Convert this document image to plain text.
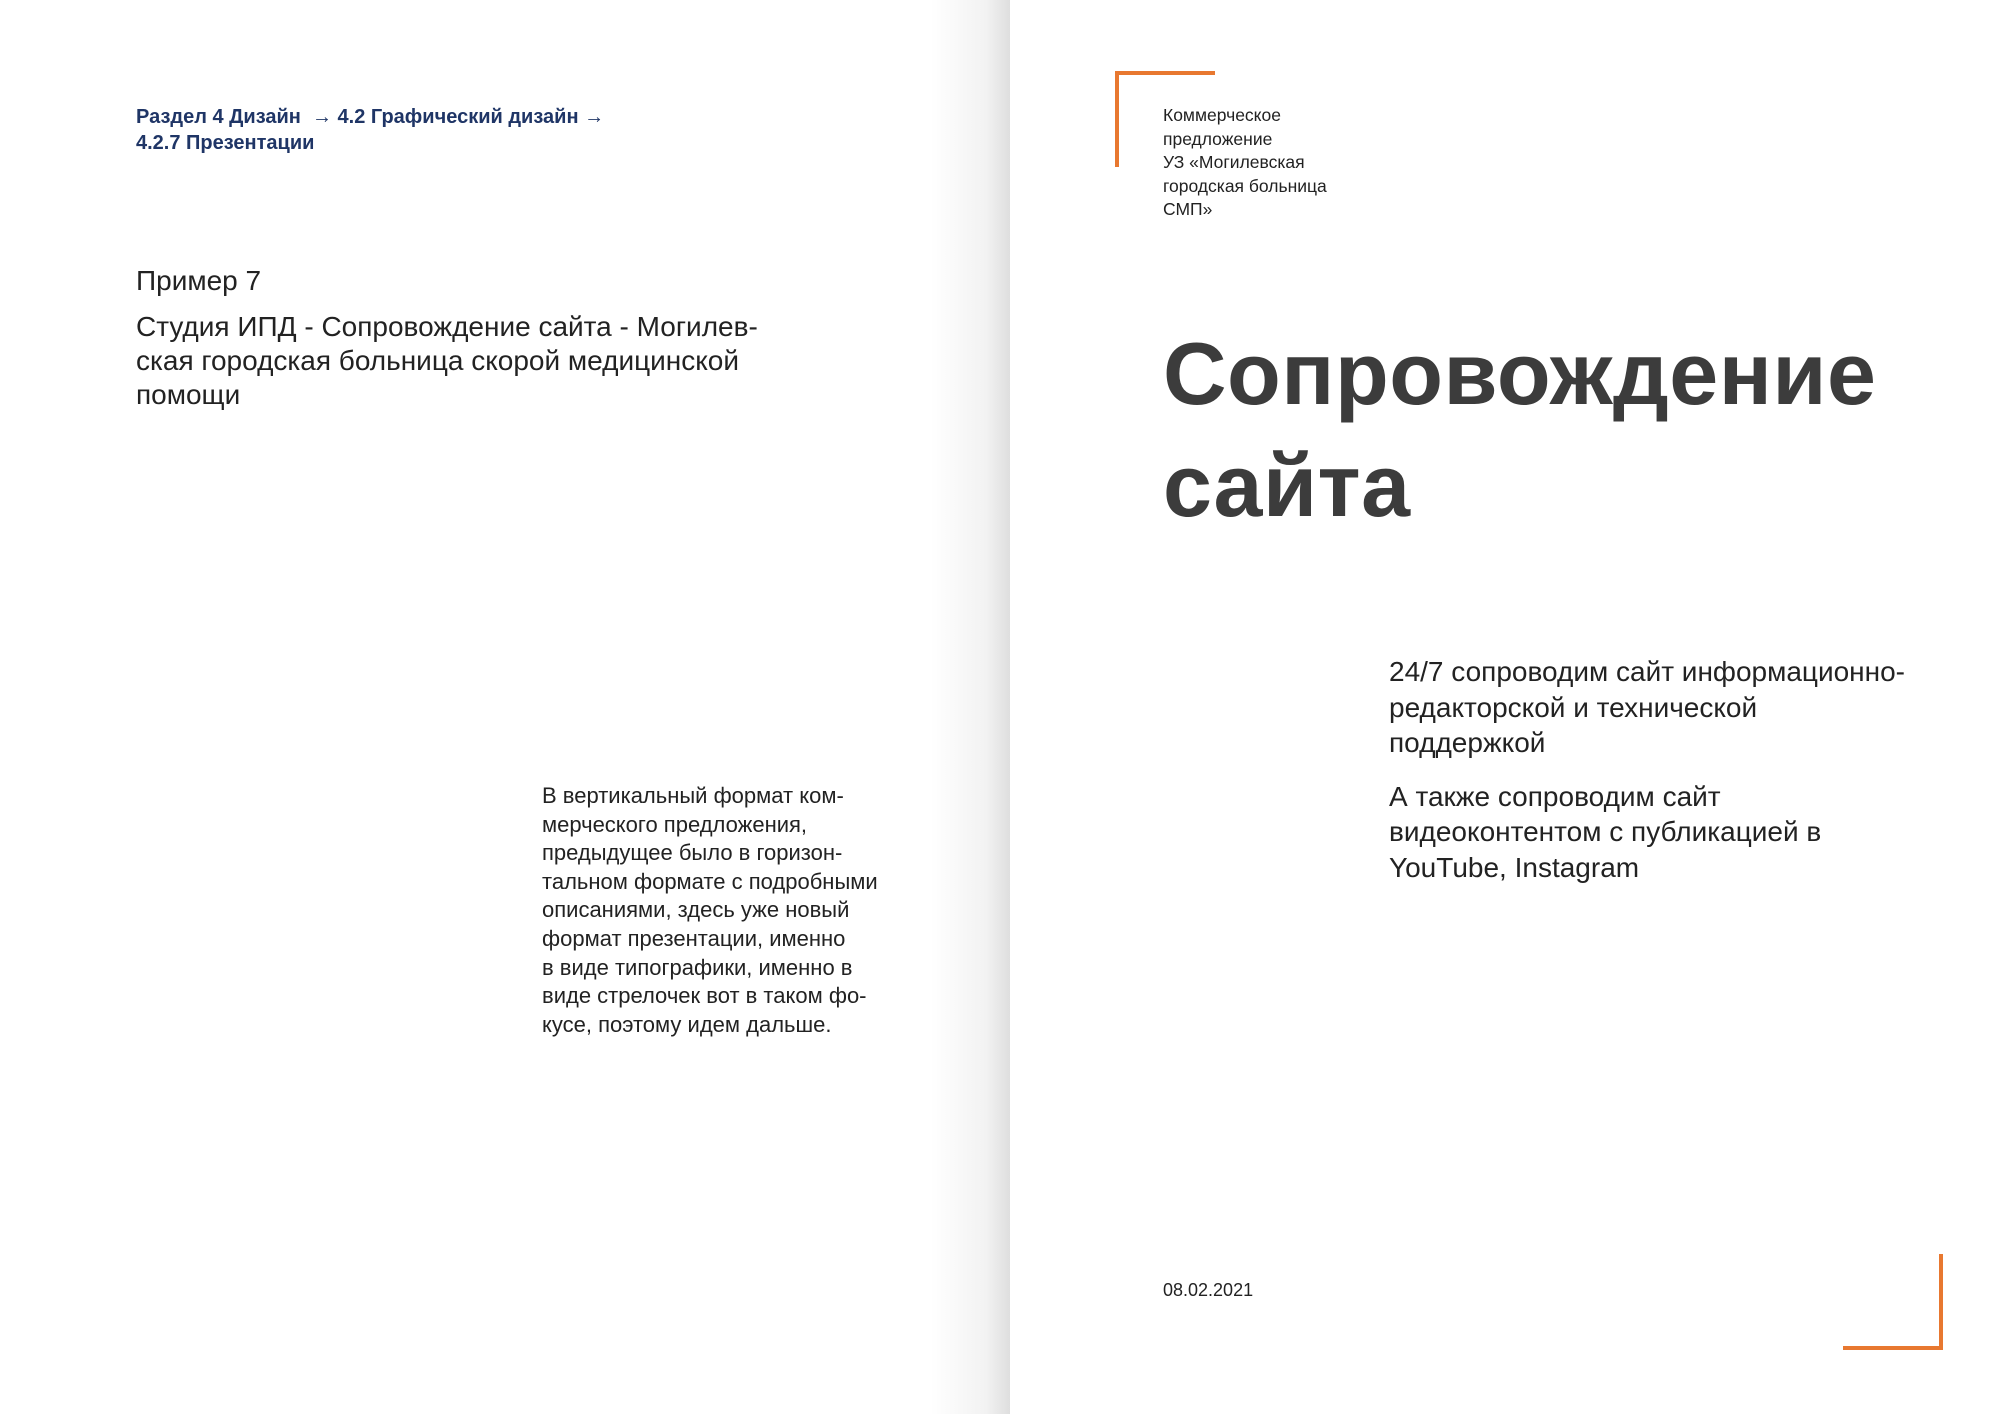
Раздел 4 Дизайн  → 4.2 Графический дизайн →
4.2.7 Презентации
Пример 7
Студия ИПД - Сопровождение сайта - Могилев-
ская городская больница скорой медицинской
помощи
В вертикальный формат ком-
мерческого предложения,
предыдущее было в горизон-
тальном формате с подробными
описаниями, здесь уже новый
формат презентации, именно
в виде типографики, именно в
виде стрелочек вот в таком фо-
кусе, поэтому идем дальше.
Коммерческое
предложение
УЗ «Могилевская
городская больница
СМП»
Сопровождение
сайта

24/7 сопроводим сайт информационно-
редакторской и технической
поддержкой

А также сопроводим сайт
видеоконтентом с публикацией в
YouTube, Instagram

08.02.2021
